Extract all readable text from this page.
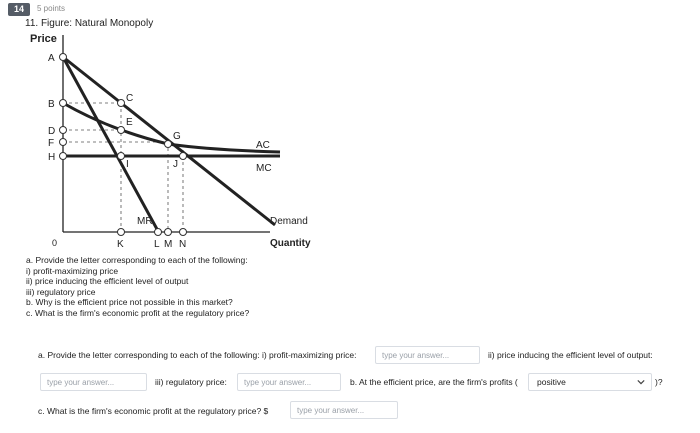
14	5 points
11. Figure: Natural Monopoly
Price
Quantity
0
A
B
D
F
H
C
E
G
I	J
K	L M N
AC
MC
MR	Demand
a. Provide the letter corresponding to each of the following:
i) profit-maximizing price
ii) price inducing the efficient level of output
iii) regulatory price
b. Why is the efficient price not possible in this market?
c. What is the firm's economic profit at the regulatory price?
a. Provide the letter corresponding to each of the following: i) profit-maximizing price:
type your answer...	ii) price inducing the efficient level of output:
type your answer...
iii) regulatory price:
type your answer...	b. At the efficient price, are the firm's profits (	positive	)?
c. What is the firm's economic profit at the regulatory price? $
type your answer...
